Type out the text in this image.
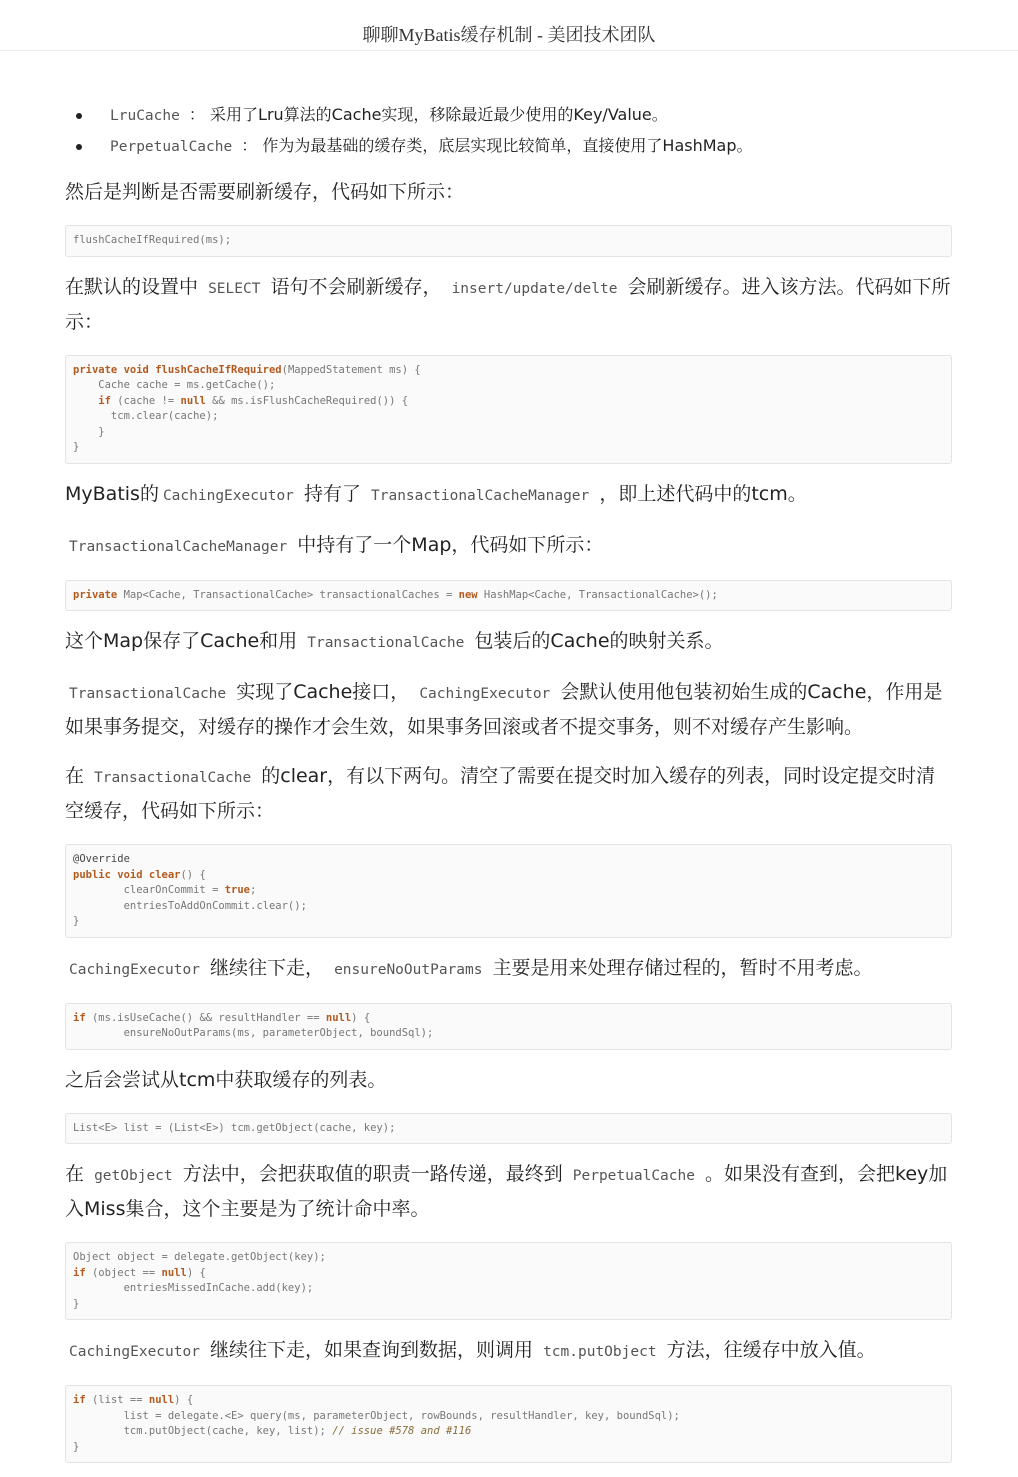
聊聊MyBatis缓存机制 - 美团技术团队
LruCache ： 采用了Lru算法的Cache实现，移除最近最少使用的Key/Value。
PerpetualCache ： 作为为最基础的缓存类，底层实现比较简单，直接使用了HashMap。

然后是判断是否需要刷新缓存，代码如下所示：

flushCacheIfRequired(ms);

在默认的设置中 SELECT 语句不会刷新缓存， insert/update/delte 会刷新缓存。进入该方法。代码如下所示：

private void flushCacheIfRequired(MappedStatement ms) {
Cache cache = ms.getCache();
if (cache != null && ms.isFlushCacheRequired()) {
tcm.clear(cache);
}
}

MyBatis的 CachingExecutor 持有了 TransactionalCacheManager ，即上述代码中的tcm。

TransactionalCacheManager 中持有了一个Map，代码如下所示：

private Map<Cache, TransactionalCache> transactionalCaches = new HashMap<Cache, TransactionalCache>();

这个Map保存了Cache和用 TransactionalCache 包装后的Cache的映射关系。

TransactionalCache 实现了Cache接口， CachingExecutor 会默认使用他包装初始生成的Cache，作用是如果事务提交，对缓存的操作才会生效，如果事务回滚或者不提交事务，则不对缓存产生影响。

在 TransactionalCache 的clear，有以下两句。清空了需要在提交时加入缓存的列表，同时设定提交时清空缓存，代码如下所示：

@Override
public void clear() {
clearOnCommit = true;
entriesToAddOnCommit.clear();
}

CachingExecutor 继续往下走， ensureNoOutParams 主要是用来处理存储过程的，暂时不用考虑。

if (ms.isUseCache() && resultHandler == null) {
ensureNoOutParams(ms, parameterObject, boundSql);

之后会尝试从tcm中获取缓存的列表。

List<E> list = (List<E>) tcm.getObject(cache, key);

在 getObject 方法中，会把获取值的职责一路传递，最终到 PerpetualCache 。如果没有查到，会把key加入Miss集合，这个主要是为了统计命中率。

Object object = delegate.getObject(key);
if (object == null) {
entriesMissedInCache.add(key);
}

CachingExecutor 继续往下走，如果查询到数据，则调用 tcm.putObject 方法，往缓存中放入值。

if (list == null) {
list = delegate.<E> query(ms, parameterObject, rowBounds, resultHandler, key, boundSql);
tcm.putObject(cache, key, list); // issue #578 and #116
}
